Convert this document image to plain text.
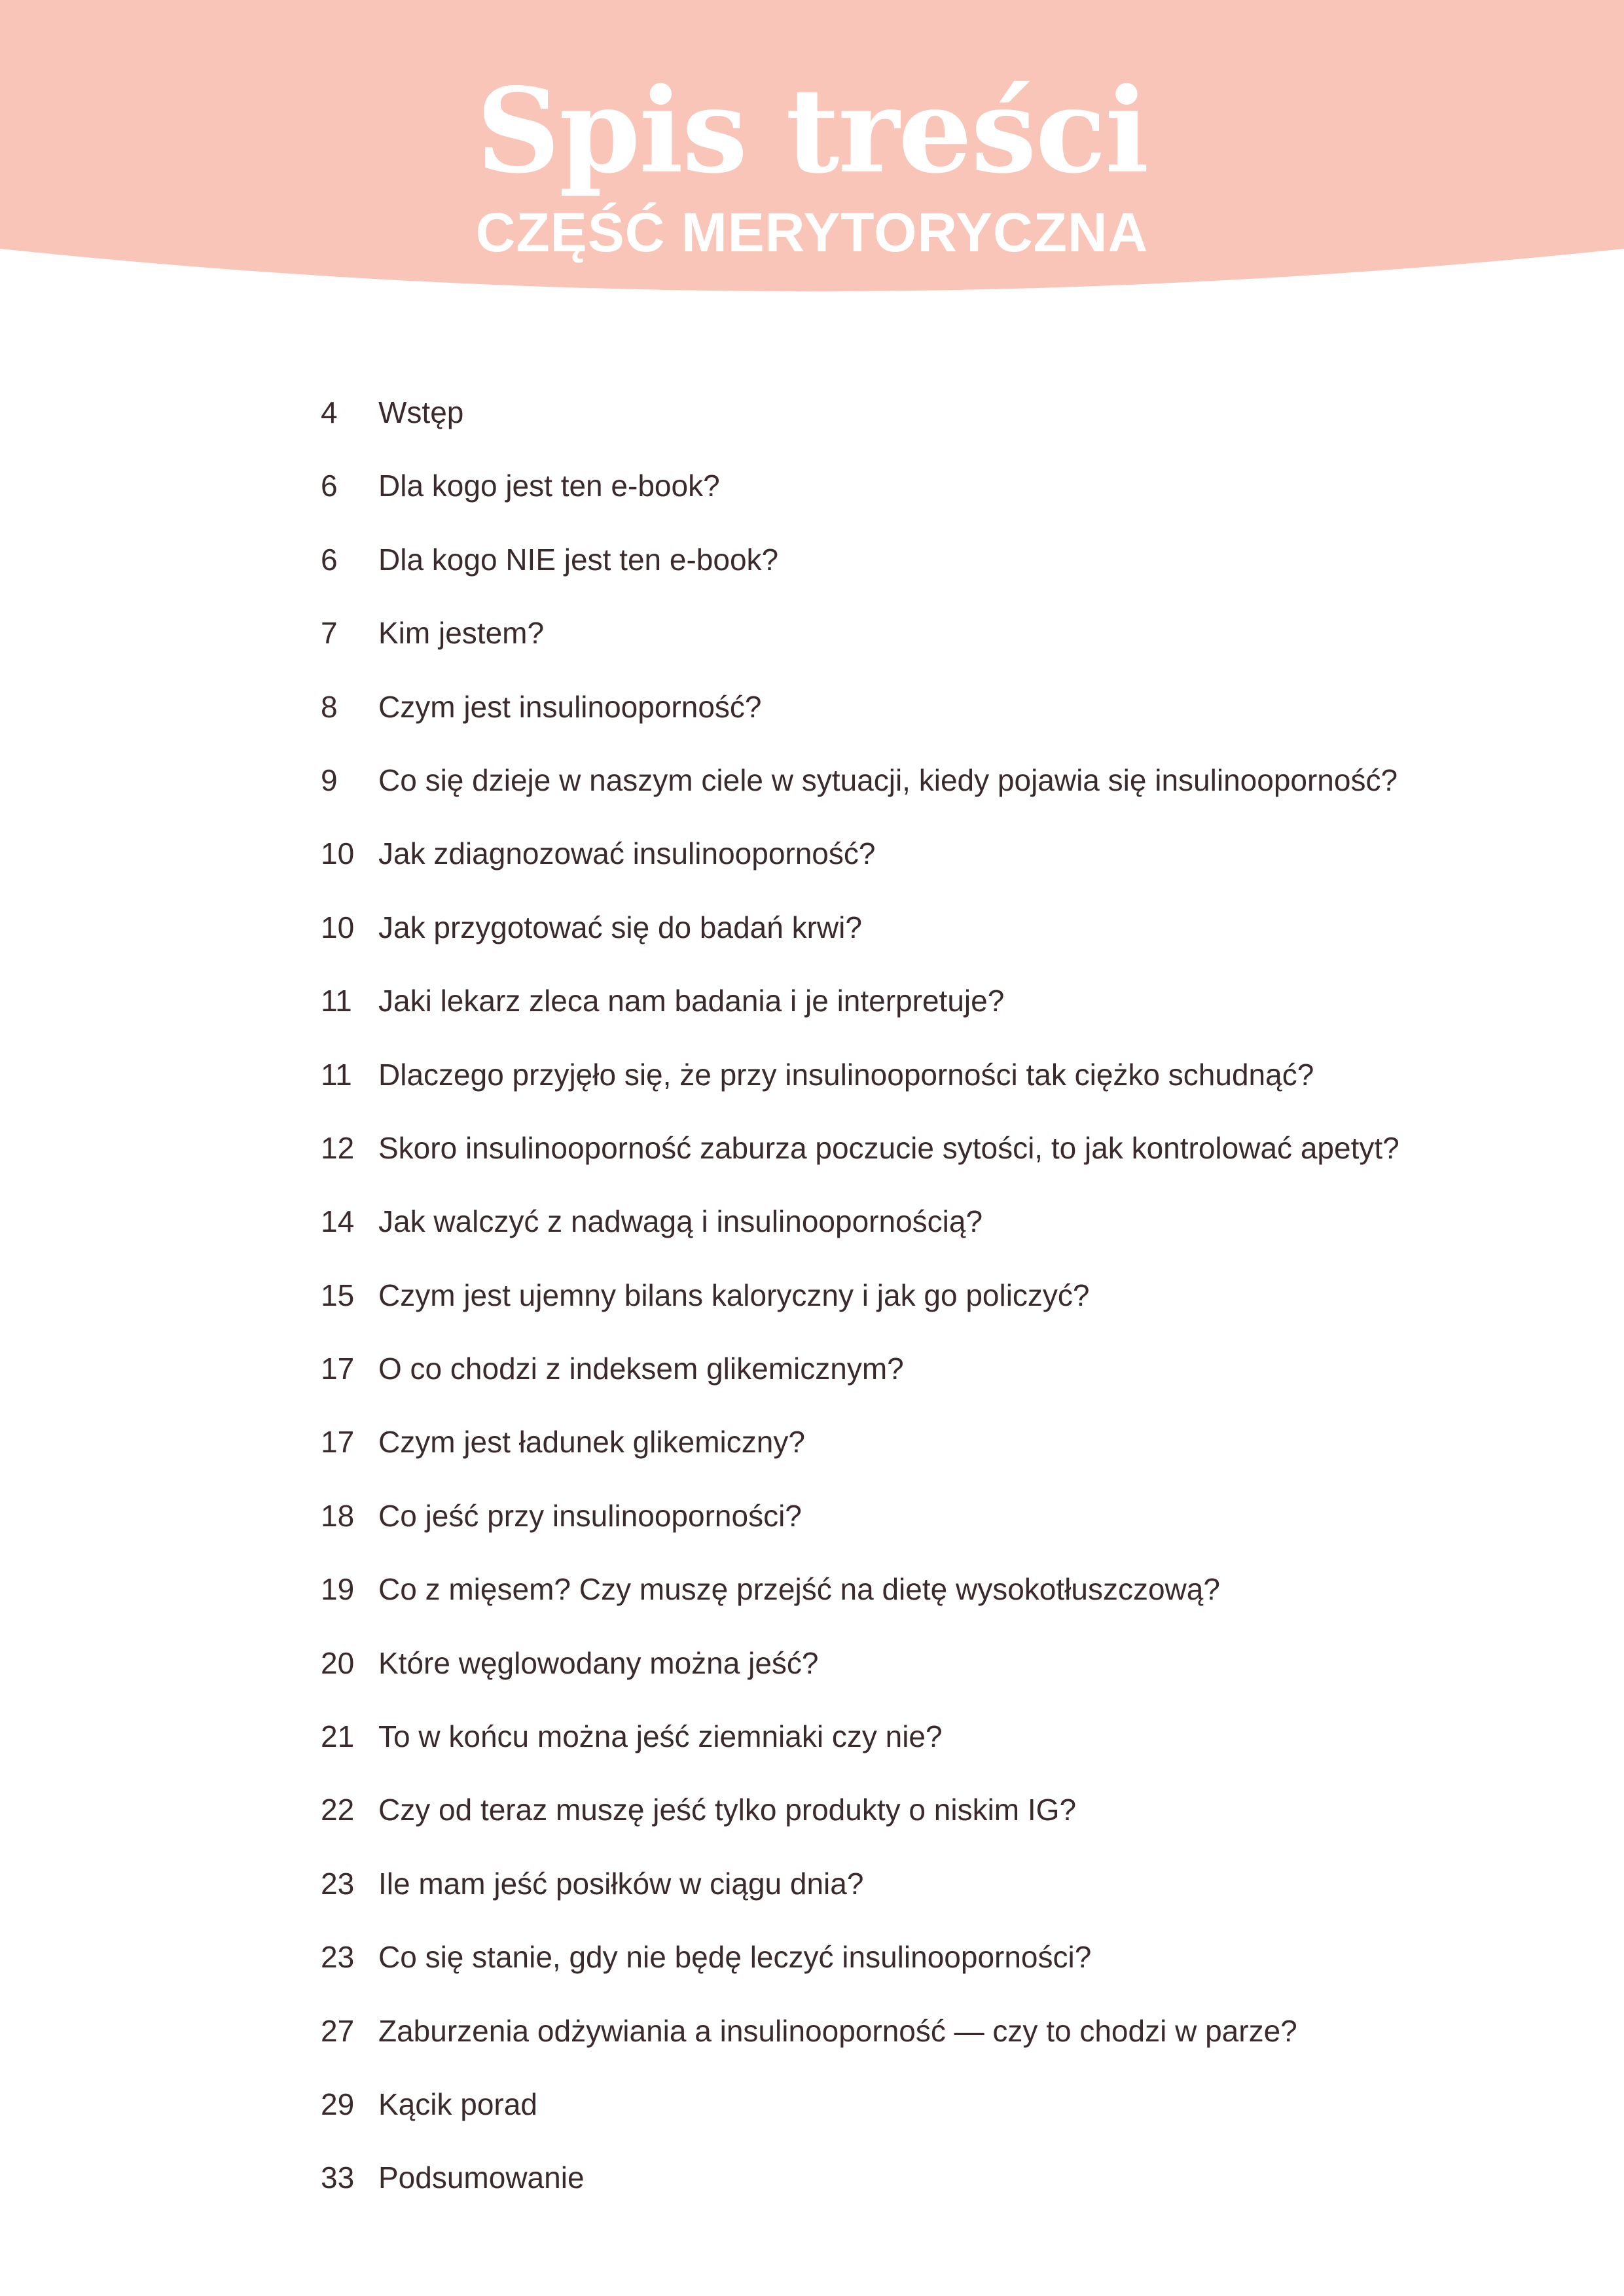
Spis treści
CZĘŚĆ MERYTORYCZNA
4	Wstęp
6	Dla kogo jest ten e-book?
6	Dla kogo NIE jest ten e-book?
7	Kim jestem?
8	Czym jest insulinooporność?
9	Co się dzieje w naszym ciele w sytuacji, kiedy pojawia się insulinooporność?
10 Jak zdiagnozować insulinooporność?
10 Jak przygotować się do badań krwi?
11 Jaki lekarz zleca nam badania i je interpretuje?
11 Dlaczego przyjęło się, że przy insulinooporności tak ciężko schudnąć?
12 Skoro insulinooporność zaburza poczucie sytości, to jak kontrolować apetyt?
14 Jak walczyć z nadwagą i insulinoopornością?
15 Czym jest ujemny bilans kaloryczny i jak go policzyć?
17 O co chodzi z indeksem glikemicznym?
17 Czym jest ładunek glikemiczny?
18 Co jeść przy insulinooporności?
19 Co z mięsem? Czy muszę przejść na dietę wysokotłuszczową?
20 Które węglowodany można jeść?
21 To w końcu można jeść ziemniaki czy nie?
22 Czy od teraz muszę jeść tylko produkty o niskim IG?
23 Ile mam jeść posiłków w ciągu dnia?
23 Co się stanie, gdy nie będę leczyć insulinooporności?
27 Zaburzenia odżywiania a insulinooporność — czy to chodzi w parze?
29 Kącik porad
33 Podsumowanie
